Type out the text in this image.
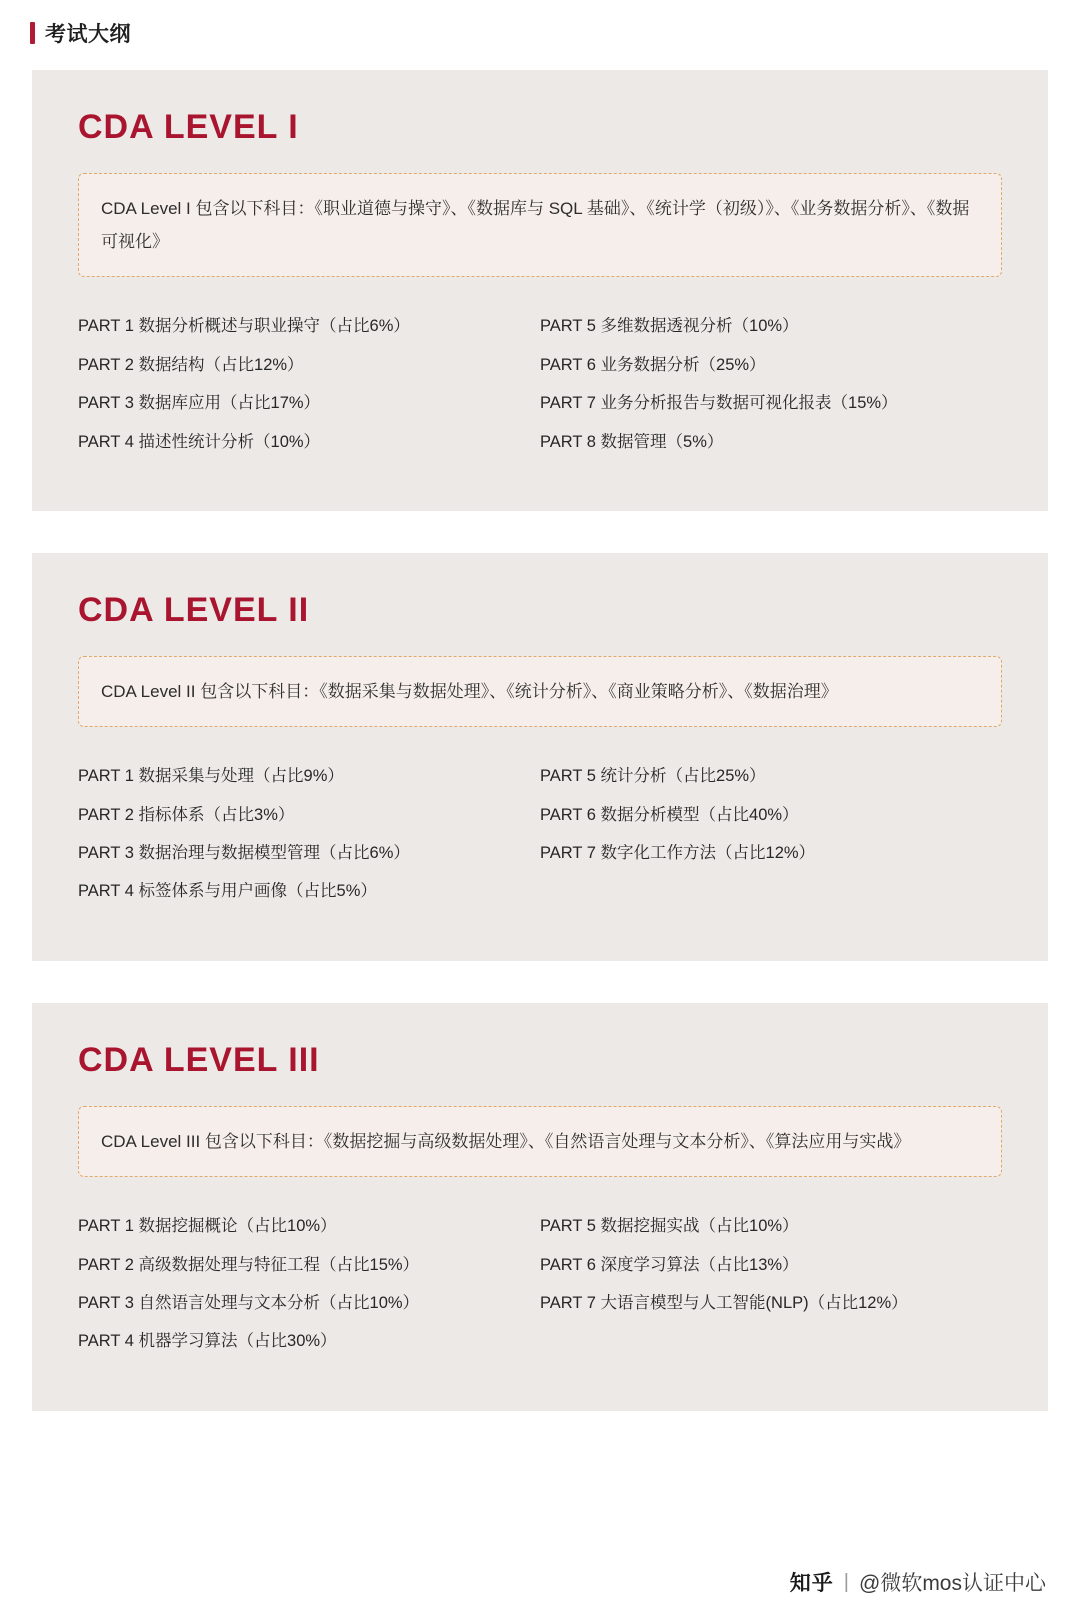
考试大纲
CDA LEVEL I
CDA Level I 包含以下科目：《职业道德与操守》、《数据库与 SQL 基础》、《统计学（初级）》、《业务数据分析》、《数据可视化》
PART 1 数据分析概述与职业操守（占比6%）
PART 2 数据结构（占比12%）
PART 3 数据库应用（占比17%）
PART 4 描述性统计分析（10%）
PART 5 多维数据透视分析（10%）
PART 6 业务数据分析（25%）
PART 7 业务分析报告与数据可视化报表（15%）
PART 8 数据管理（5%）
CDA LEVEL II
CDA Level II 包含以下科目：《数据采集与数据处理》、《统计分析》、《商业策略分析》、《数据治理》
PART 1 数据采集与处理（占比9%）
PART 2 指标体系（占比3%）
PART 3 数据治理与数据模型管理（占比6%）
PART 4 标签体系与用户画像（占比5%）
PART 5 统计分析（占比25%）
PART 6 数据分析模型（占比40%）
PART 7 数字化工作方法（占比12%）
CDA LEVEL III
CDA Level III 包含以下科目：《数据挖掘与高级数据处理》、《自然语言处理与文本分析》、《算法应用与实战》
PART 1 数据挖掘概论（占比10%）
PART 2 高级数据处理与特征工程（占比15%）
PART 3 自然语言处理与文本分析（占比10%）
PART 4 机器学习算法（占比30%）
PART 5 数据挖掘实战（占比10%）
PART 6 深度学习算法（占比13%）
PART 7 大语言模型与人工智能(NLP)（占比12%）
知乎 | @微软mos认证中心
